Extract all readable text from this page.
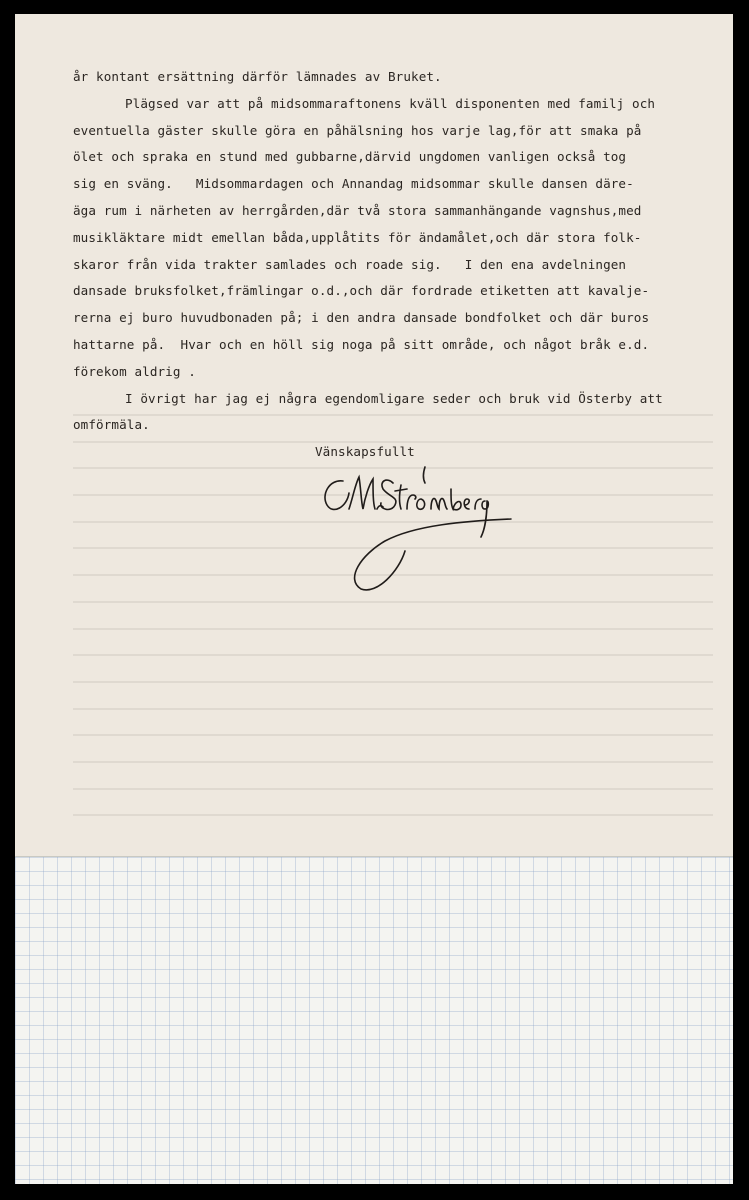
år kontant ersättning därför lämnades av Bruket.
Plägsed var att på midsommaraftonens kväll disponenten med familj och
eventuella gäster skulle göra en påhälsning hos varje lag,för att smaka på
ölet och spraka en stund med gubbarne,därvid ungdomen vanligen också tog
sig en sväng.   Midsommardagen och Annandag midsommar skulle dansen däre-
äga rum i närheten av herrgården,där två stora sammanhängande vagnshus,med
musikläktare midt emellan båda,upplåtits för ändamålet,och där stora folk-
skaror från vida trakter samlades och roade sig.   I den ena avdelningen
dansade bruksfolket,främlingar o.d.,och där fordrade etiketten att kavalje-
rerna ej buro huvudbonaden på; i den andra dansade bondfolket och där buros
hattarne på.  Hvar och en höll sig noga på sitt område, och något bråk e.d.
förekom aldrig .
I övrigt har jag ej några egendomligare seder och bruk vid Österby att
omförmäla.
Vänskapsfullt
